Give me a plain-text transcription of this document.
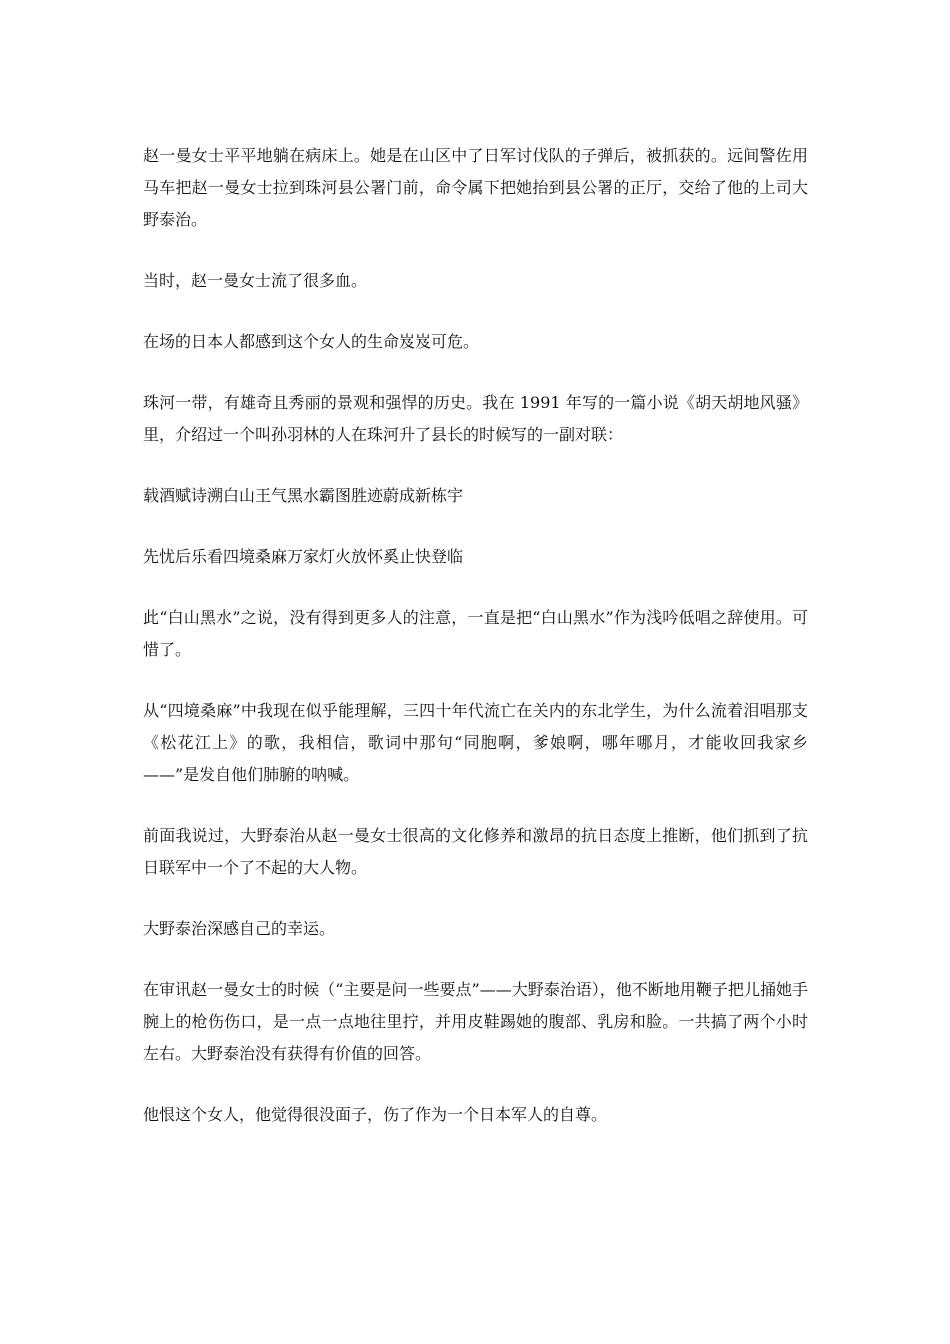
赵一曼女士平平地躺在病床上。她是在山区中了日军讨伐队的子弹后，被抓获的。远间警佐用马车把赵一曼女士拉到珠河县公署门前，命令属下把她抬到县公署的正厅，交给了他的上司大野泰治。

当时，赵一曼女士流了很多血。

在场的日本人都感到这个女人的生命岌岌可危。

珠河一带，有雄奇且秀丽的景观和强悍的历史。我在 1991 年写的一篇小说《胡天胡地风骚》里，介绍过一个叫孙羽林的人在珠河升了县长的时候写的一副对联：

载酒赋诗溯白山王气黑水霸图胜迹蔚成新栋宇

先忧后乐看四境桑麻万家灯火放怀奚止快登临

此“白山黑水”之说，没有得到更多人的注意，一直是把“白山黑水”作为浅吟低唱之辞使用。可惜了。

从“四境桑麻”中我现在似乎能理解，三四十年代流亡在关内的东北学生，为什么流着泪唱那支《松花江上》的歌，我相信，歌词中那句“同胞啊，爹娘啊，哪年哪月，才能收回我家乡——”是发自他们肺腑的呐喊。

前面我说过，大野泰治从赵一曼女士很高的文化修养和激昂的抗日态度上推断，他们抓到了抗日联军中一个了不起的大人物。

大野泰治深感自己的幸运。

在审讯赵一曼女士的时候（“主要是问一些要点”——大野泰治语），他不断地用鞭子把儿捅她手腕上的枪伤伤口，是一点一点地往里拧，并用皮鞋踢她的腹部、乳房和脸。一共搞了两个小时左右。大野泰治没有获得有价值的回答。

他恨这个女人，他觉得很没面子，伤了作为一个日本军人的自尊。
